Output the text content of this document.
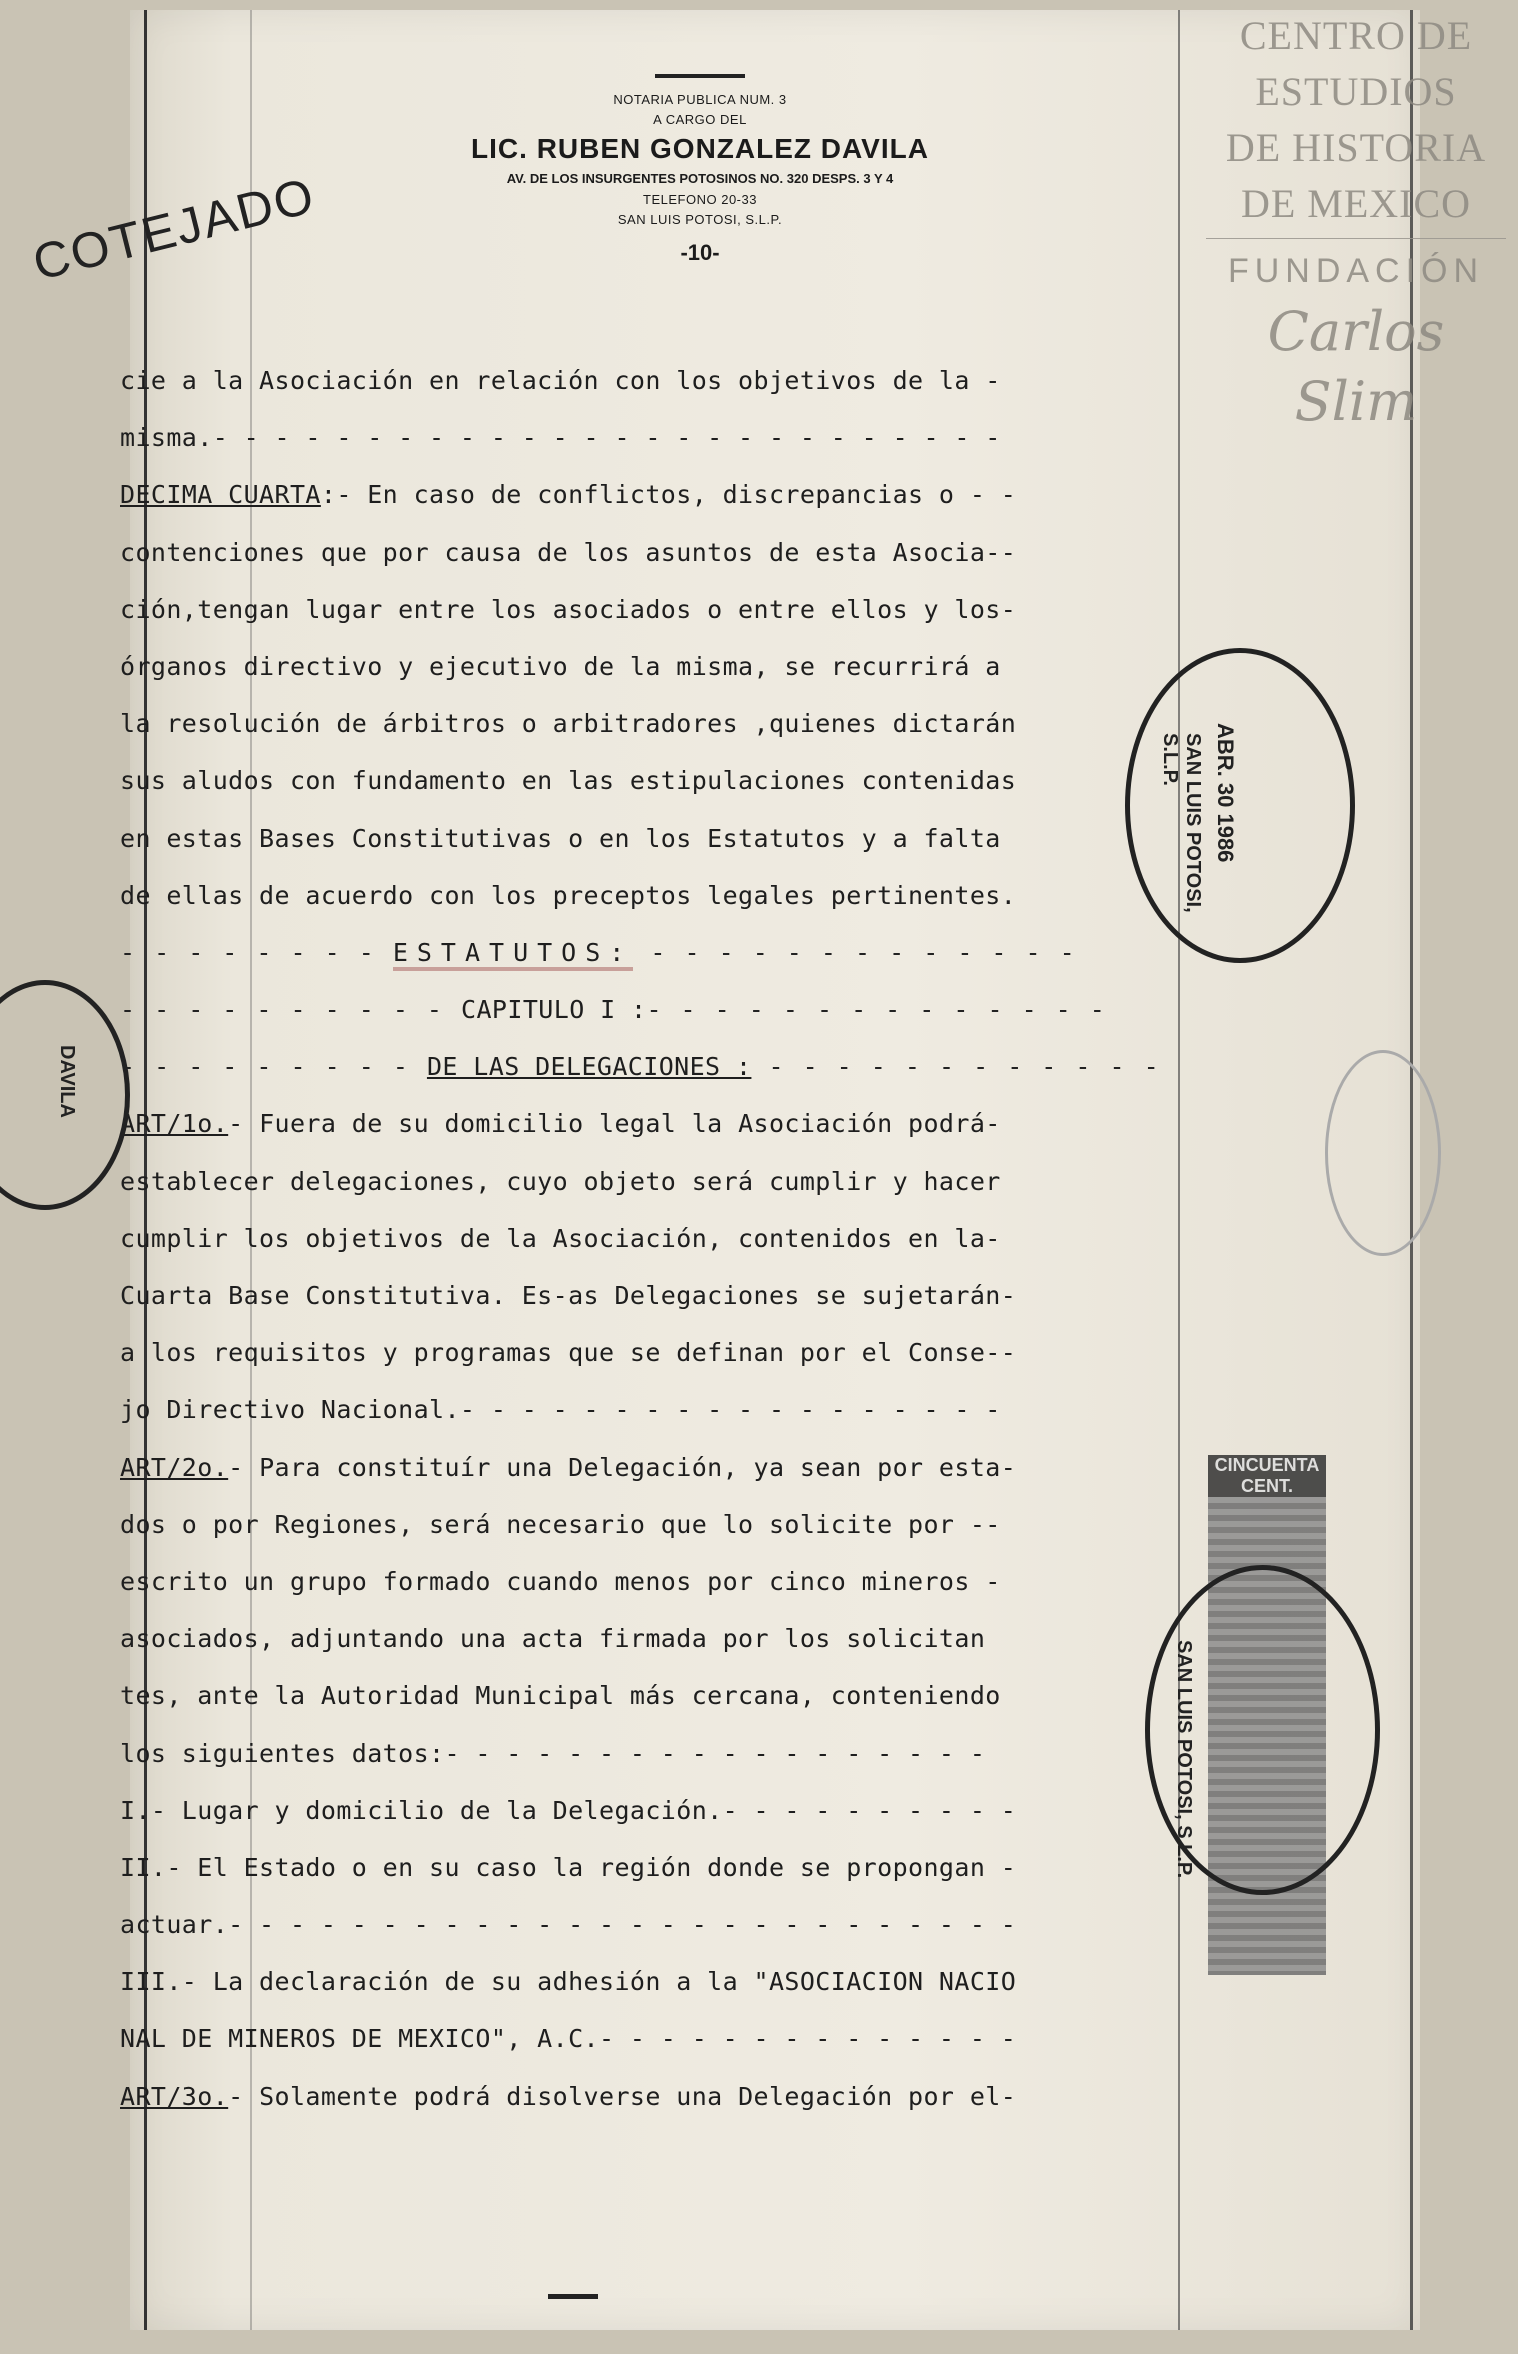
CENTRO DE
ESTUDIOS
DE HISTORIA
DE MEXICO
FUNDACIÓN
Carlos Slim
NOTARIA PUBLICA NUM. 3
A CARGO DEL
LIC. RUBEN GONZALEZ DAVILA
AV. DE LOS INSURGENTES POTOSINOS NO. 320 DESPS. 3 Y 4
TELEFONO 20-33
SAN LUIS POTOSI, S.L.P.
-10-
COTEJADO
cie a la Asociación en relación con los objetivos de la -
misma.- - - - - - - - - - - - - - - - - - - - - - - - - -
DECIMA CUARTA:- En caso de conflictos, discrepancias o - -
contenciones que por causa de los asuntos de esta Asocia--
ción,tengan lugar entre los asociados o entre ellos y los-
órganos directivo y ejecutivo de la misma, se recurrirá a
la resolución de árbitros o arbitradores ,quienes dictarán
sus aludos con fundamento en las estipulaciones contenidas
en estas Bases Constitutivas o en los Estatutos y a falta
de ellas de acuerdo con los preceptos legales pertinentes.
- - - - - - - - ESTATUTOS: - - - - - - - - - - - - -
- - - - - - - - - - CAPITULO I :- - - - - - - - - - - - - -
- - - - - - - - - DE LAS DELEGACIONES : - - - - - - - - - - - -
ART/1o.- Fuera de su domicilio legal la Asociación podrá-
establecer delegaciones, cuyo objeto será cumplir y hacer
cumplir los objetivos de la Asociación, contenidos en la-
Cuarta Base Constitutiva. Es-as Delegaciones se sujetarán-
a los requisitos y programas que se definan por el Conse--
jo Directivo Nacional.- - - - - - - - - - - - - - - - - -
ART/2o.- Para constituír una Delegación, ya sean por esta-
dos o por Regiones, será necesario que lo solicite por --
escrito un grupo formado cuando menos por cinco mineros -
asociados, adjuntando una acta firmada por los solicitan
tes, ante la Autoridad Municipal más cercana, conteniendo
los siguientes datos:- - - - - - - - - - - - - - - - - -
I.- Lugar y domicilio de la Delegación.- - - - - - - - - -
II.- El Estado o en su caso la región donde se propongan -
actuar.- - - - - - - - - - - - - - - - - - - - - - - - - -
III.- La declaración de su adhesión a la "ASOCIACION NACIO
NAL DE MINEROS DE MEXICO", A.C.- - - - - - - - - - - - - -
ART/3o.- Solamente podrá disolverse una Delegación por el-
SAN LUIS POTOSI, S.L.P.	ABR. 30 1986
DAVILA
CINCUENTA CENT.
SAN LUIS POTOSI, S.L.P.
